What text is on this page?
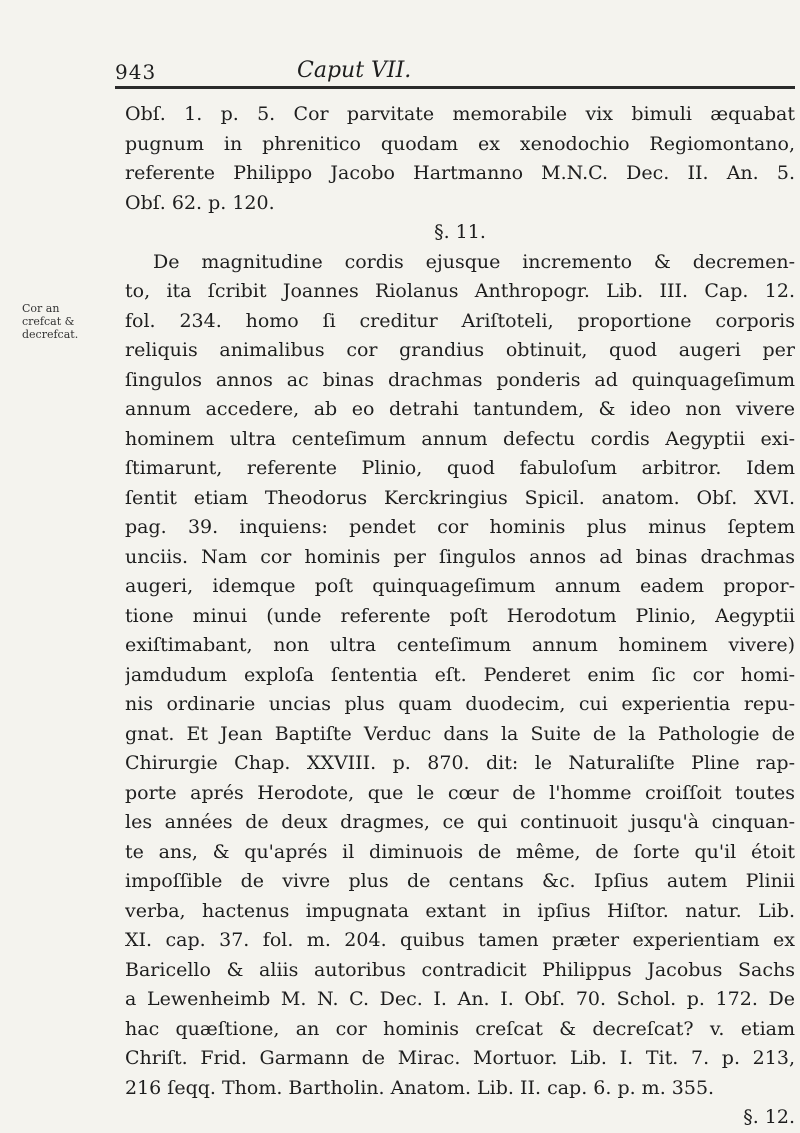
943	Caput VII.
Cor an crefcat & decrefcat.
Obſ. 1. p. 5. Cor parvitate memorabile vix bimuli æquabat
pugnum in phrenitico quodam ex xenodochio Regiomontano,
referente Philippo Jacobo Hartmanno M.N.C. Dec. II. An. 5.
Obſ. 62. p. 120.
§. 11.
De magnitudine cordis ejusque incremento & decremen-
to, ita ſcribit Joannes Riolanus Anthropogr. Lib. III. Cap. 12.
fol. 234. homo ſi creditur Ariſtoteli, proportione corporis
reliquis animalibus cor grandius obtinuit, quod augeri per
ſingulos annos ac binas drachmas ponderis ad quinquageſimum
annum accedere, ab eo detrahi tantundem, & ideo non vivere
hominem ultra centeſimum annum defectu cordis Aegyptii exi-
ſtimarunt, referente Plinio, quod fabuloſum arbitror. Idem
ſentit etiam Theodorus Kerckringius Spicil. anatom. Obſ. XVI.
pag. 39. inquiens: pendet cor hominis plus minus ſeptem
unciis. Nam cor hominis per ſingulos annos ad binas drachmas
augeri, idemque poſt quinquageſimum annum eadem propor-
tione minui (unde referente poſt Herodotum Plinio, Aegyptii
exiſtimabant, non ultra centeſimum annum hominem vivere)
jamdudum exploſa ſententia eſt. Penderet enim ſic cor homi-
nis ordinarie uncias plus quam duodecim, cui experientia repu-
gnat. Et Jean Baptiſte Verduc dans la Suite de la Pathologie de
Chirurgie Chap. XXVIII. p. 870. dit: le Naturaliſte Pline rap-
porte aprés Herodote, que le cœur de l'homme croiſſoit toutes
les années de deux dragmes, ce qui continuoit jusqu'à cinquan-
te ans, & qu'aprés il diminuois de même, de ſorte qu'il étoit
impoſſible de vivre plus de centans &c. Ipſius autem Plinii
verba, hactenus impugnata extant in ipſius Hiſtor. natur. Lib.
XI. cap. 37. fol. m. 204. quibus tamen præter experientiam ex
Baricello & aliis autoribus contradicit Philippus Jacobus Sachs
a Lewenheimb M. N. C. Dec. I. An. I. Obſ. 70. Schol. p. 172. De
hac quæſtione, an cor hominis creſcat & decreſcat? v. etiam
Chriſt. Frid. Garmann de Mirac. Mortuor. Lib. I. Tit. 7. p. 213,
216 ſeqq. Thom. Bartholin. Anatom. Lib. II. cap. 6. p. m. 355.
§. 12.
